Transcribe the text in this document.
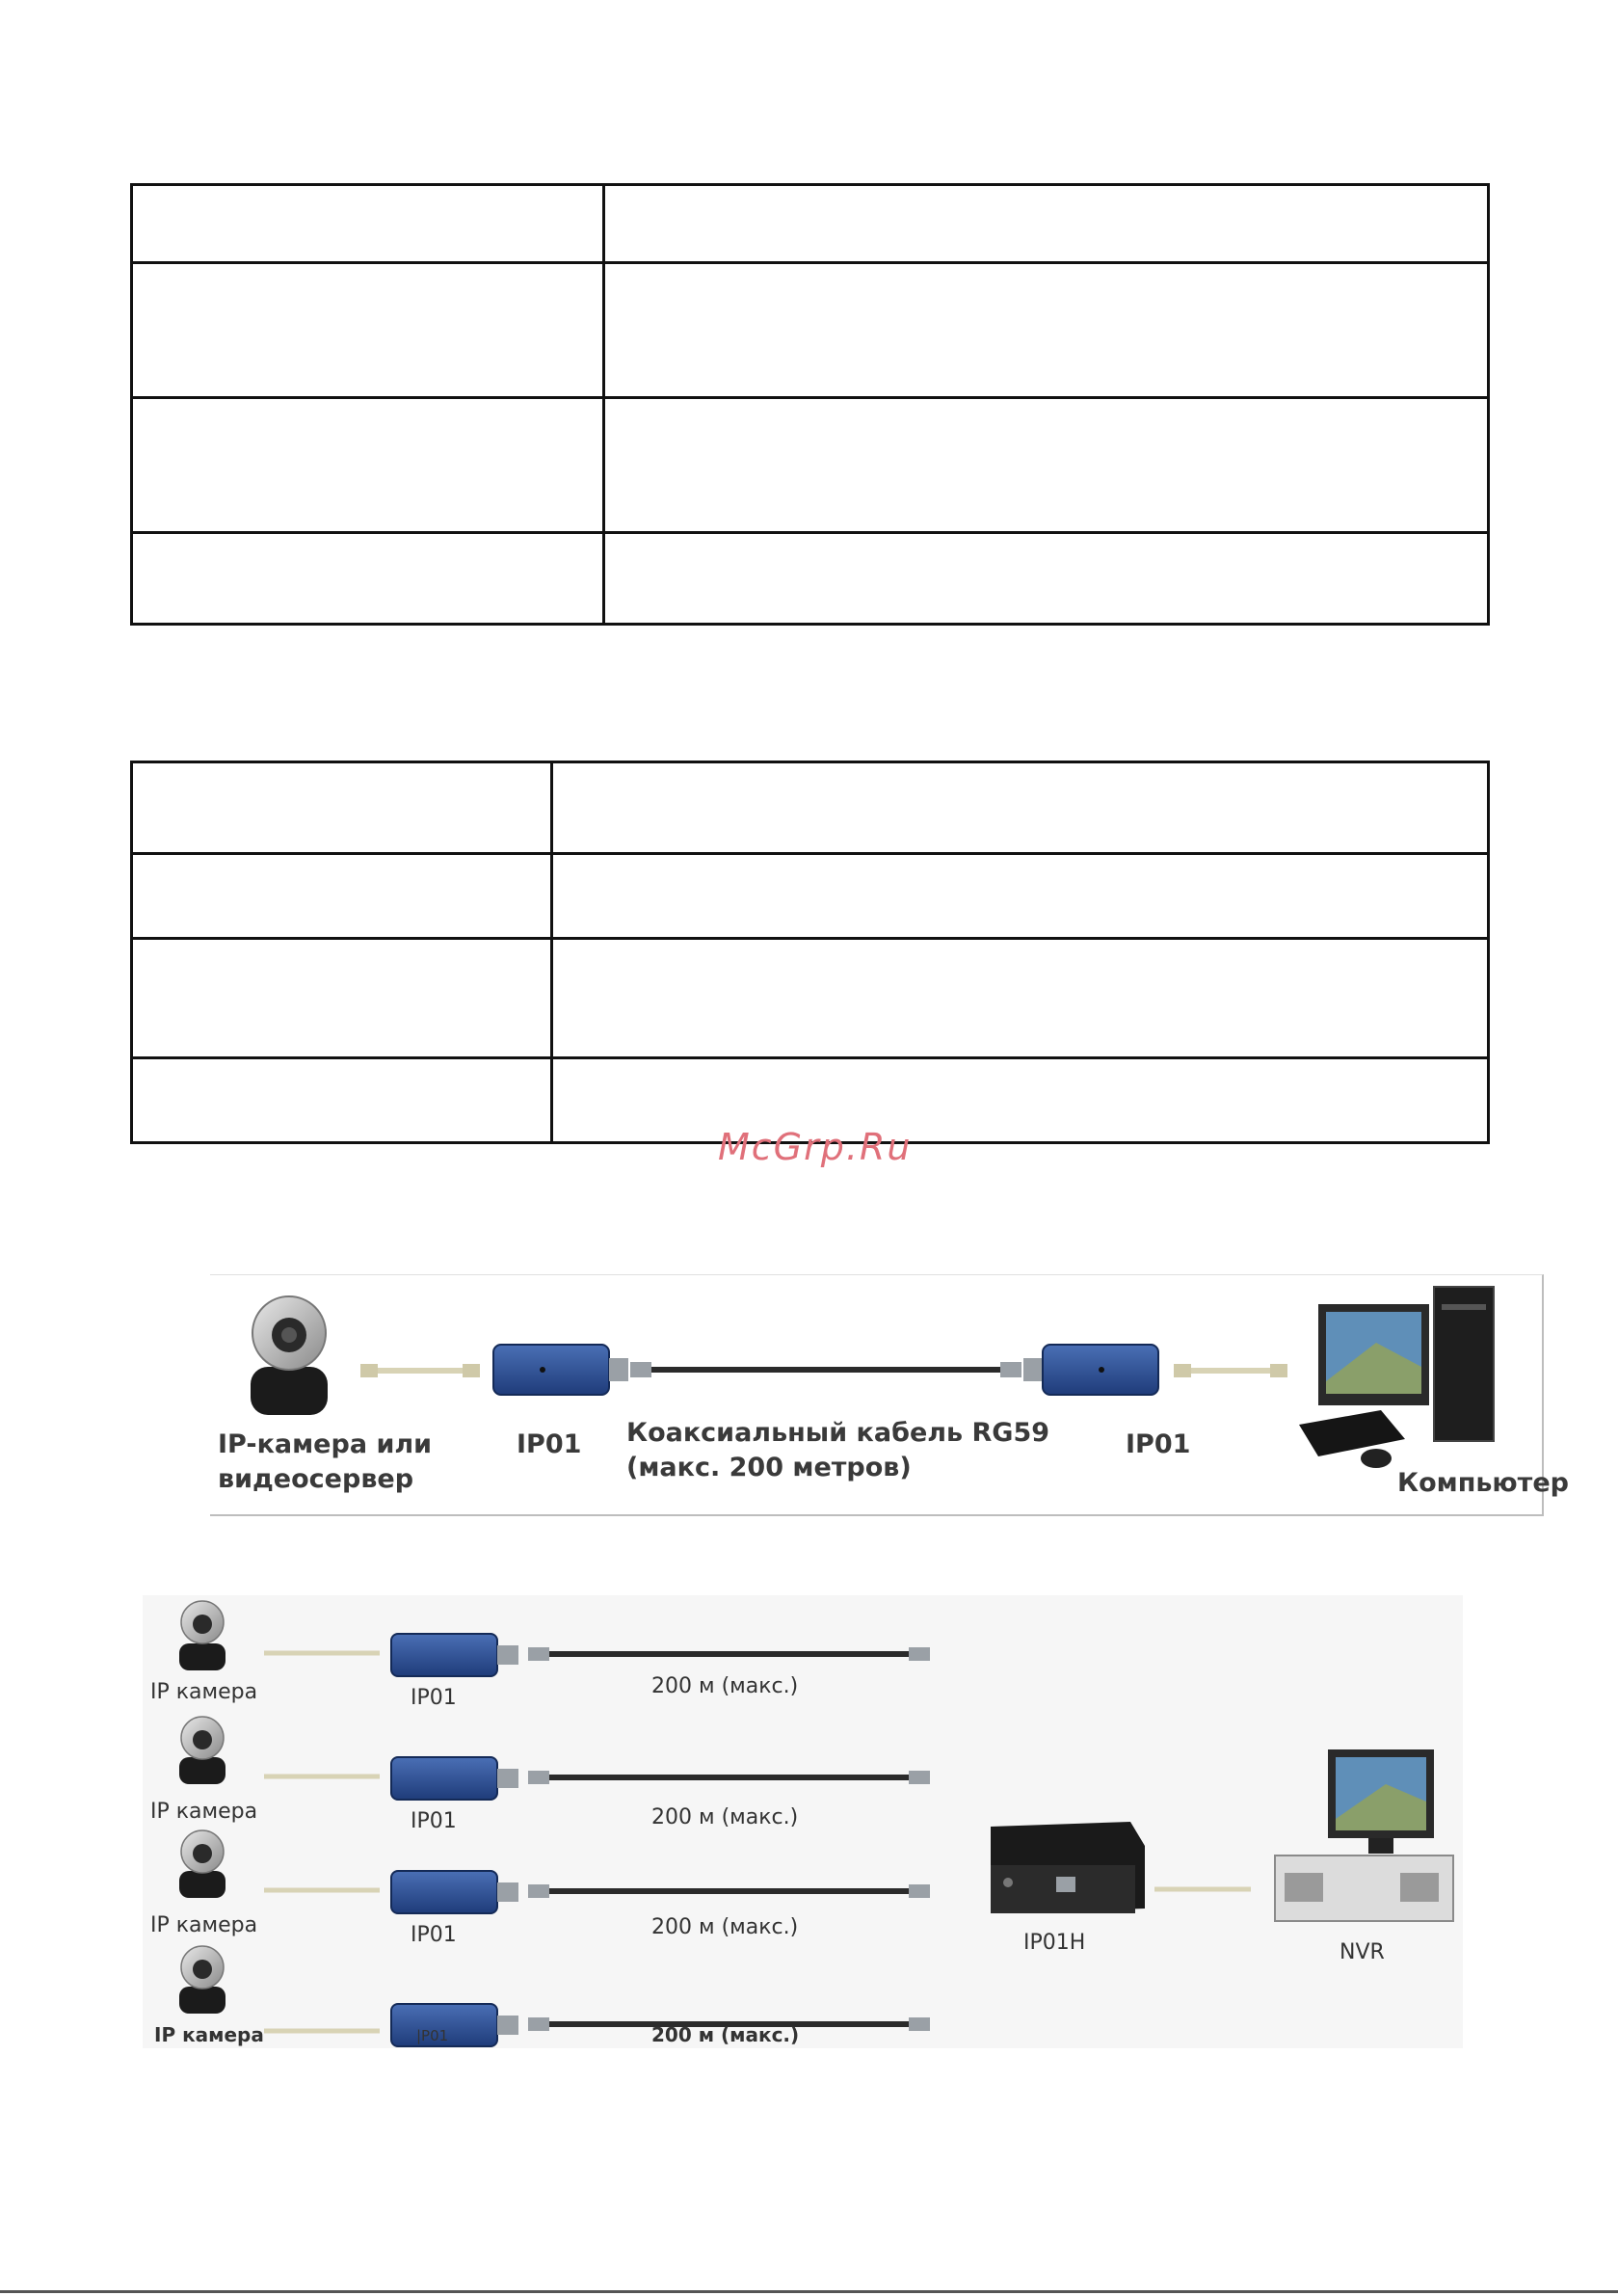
McGrp.Ru
IP-камера или
видеосервер
IP01 Коаксиальный кабель RG59
(макс. 200 метров)
IP01
Компьютер
IP камера	IP01	200 м (макс.)
IP камера	IP01	200 м (макс.)
IP камера	IP01	200 м (макс.)
IP камера	|P01	200 м (макс.)
IP01H	NVR
